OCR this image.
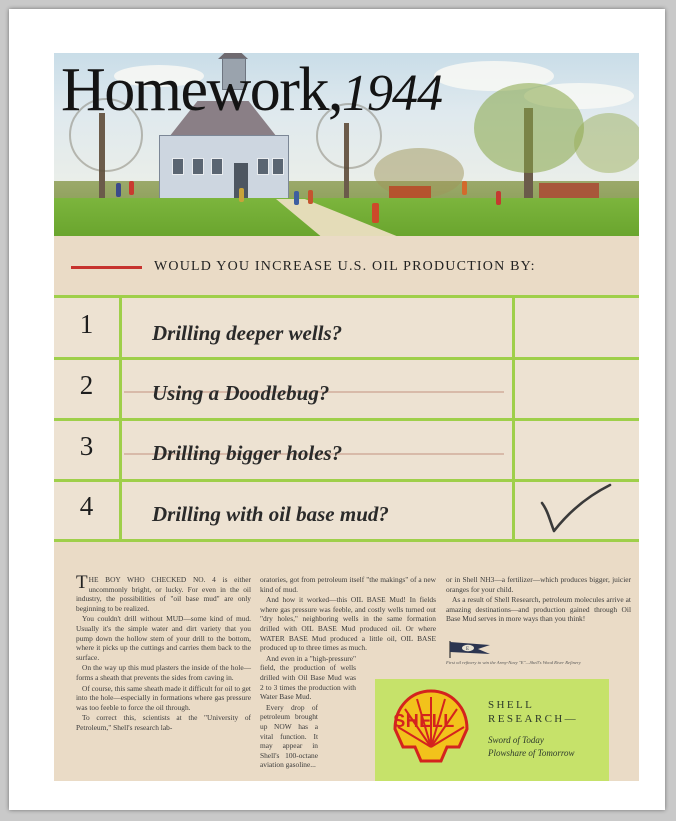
Homework,1944
WOULD YOU INCREASE U.S. OIL PRODUCTION BY:
1	Drilling deeper wells?
2	Using a Doodlebug?
3	Drilling bigger holes?
4	Drilling with oil base mud?

THE BOY WHO CHECKED NO. 4 is either uncommonly bright, or lucky. For even in the oil industry, the possibilities of "oil base mud" are only beginning to be realized.

You couldn't drill without MUD—some kind of mud. Usually it's the simple water and dirt variety that you pump down the hollow stem of your drill to the bottom, where it picks up the cuttings and carries them back to the surface.

On the way up this mud plasters the inside of the hole—forms a sheath that prevents the sides from caving in.

Of course, this same sheath made it difficult for oil to get into the hole—especially in formations where gas pressure was too feeble to force the oil through.

To correct this, scientists at the "University of Petroleum," Shell's research lab-

oratories, got from petroleum itself "the makings" of a new kind of mud.

And how it worked—this OIL BASE Mud! In fields where gas pressure was feeble, and costly wells turned out "dry holes," neighboring wells in the same formation drilled with OIL BASE Mud produced oil. Or where WATER BASE Mud produced a little oil, OIL BASE produced up to three times as much.

And even in a "high-pressure" field, the production of wells drilled with Oil Base Mud was 2 to 3 times the production with Water Base Mud.

Every drop of petroleum brought up NOW has a vital function. It may appear in Shell's 100-octane aviation gasoline...

or in Shell NH3—a fertilizer—which produces bigger, juicier oranges for your child.

As a result of Shell Research, petroleum molecules arrive at amazing destinations—and production gained through Oil Base Mud serves in more ways than you think!

E
First oil refinery to win the Army-Navy "E"—Shell's Wood River Refinery
SHELL
SHELL
RESEARCH—
Sword of Today
Plowshare of Tomorrow
